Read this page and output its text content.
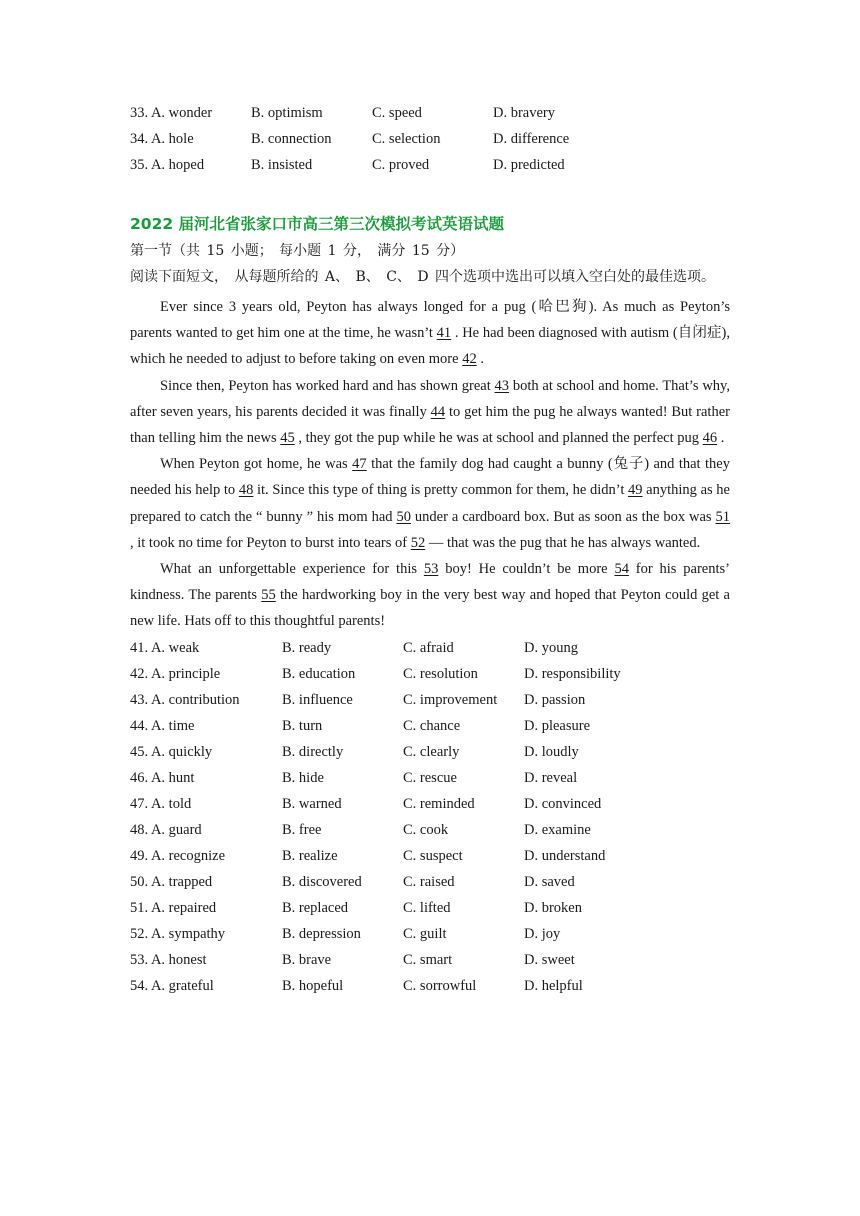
33. A. wonder	B. optimism	C. speed	D. bravery
34. A. hole	B. connection	C. selection	D. difference
35. A. hoped	B. insisted	C. proved	D. predicted
2022 届河北省张家口市高三第三次模拟考试英语试题
第一节（共 15 小题； 每小题 1 分， 满分 15 分）
阅读下面短文， 从每题所给的 A、 B、 C、 D 四个选项中选出可以填入空白处的最佳选项。

Ever since 3 years old, Peyton has always longed for a pug (哈巴狗). As much as Peyton’s parents wanted to get him one at the time, he wasn’t 41 . He had been diagnosed with autism (自闭症), which he needed to adjust to before taking on even more 42 .

Since then, Peyton has worked hard and has shown great 43 both at school and home. That’s why, after seven years, his parents decided it was finally 44 to get him the pug he always wanted! But rather than telling him the news 45 , they got the pup while he was at school and planned the perfect pug 46 .

When Peyton got home, he was 47 that the family dog had caught a bunny (兔子) and that they needed his help to 48 it. Since this type of thing is pretty common for them, he didn’t 49 anything as he prepared to catch the “ bunny ” his mom had 50 under a cardboard box. But as soon as the box was 51 , it took no time for Peyton to burst into tears of 52 — that was the pug that he has always wanted.

What an unforgettable experience for this 53 boy! He couldn’t be more 54 for his parents’ kindness. The parents 55 the hardworking boy in the very best way and hoped that Peyton could get a new life. Hats off to this thoughtful parents!

41. A. weak	B. ready	C. afraid	D. young
42. A. principle	B. education	C. resolution	D. responsibility
43. A. contribution	B. influence	C. improvement	D. passion
44. A. time	B. turn	C. chance	D. pleasure
45. A. quickly	B. directly	C. clearly	D. loudly
46. A. hunt	B. hide	C. rescue	D. reveal
47. A. told	B. warned	C. reminded	D. convinced
48. A. guard	B. free	C. cook	D. examine
49. A. recognize	B. realize	C. suspect	D. understand
50. A. trapped	B. discovered	C. raised	D. saved
51. A. repaired	B. replaced	C. lifted	D. broken
52. A. sympathy	B. depression	C. guilt	D. joy
53. A. honest	B. brave	C. smart	D. sweet
54. A. grateful	B. hopeful	C. sorrowful	D. helpful
